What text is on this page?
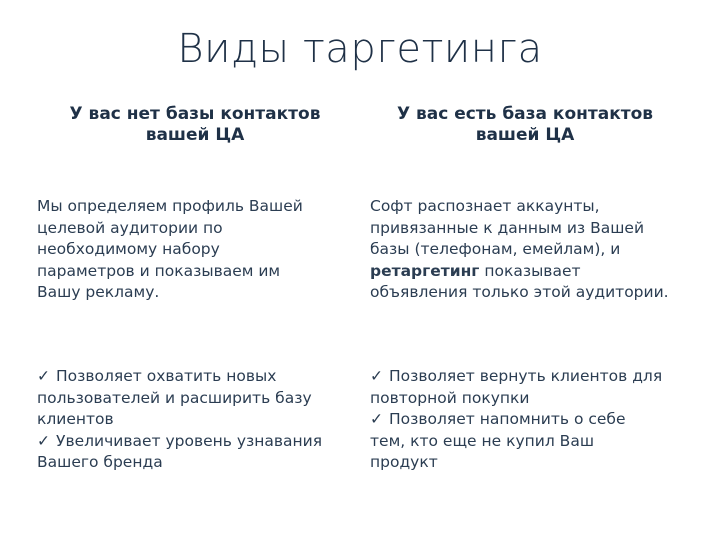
Виды таргетинга
У вас нет базы контактов
вашей ЦА
У вас есть база контактов
вашей ЦА
Мы определяем профиль Вашей
целевой аудитории по
необходимому набору
параметров и показываем им
Вашу рекламу.
Софт распознает аккаунты,
привязанные к данным из Вашей
базы (телефонам, емейлам), и
ретаргетинг показывает
объявления только этой аудитории.
✓ Позволяет охватить новых
пользователей и расширить базу
клиентов
✓ Увеличивает уровень узнавания
Вашего бренда
✓ Позволяет вернуть клиентов для
повторной покупки
✓ Позволяет напомнить о себе
тем, кто еще не купил Ваш
продукт
